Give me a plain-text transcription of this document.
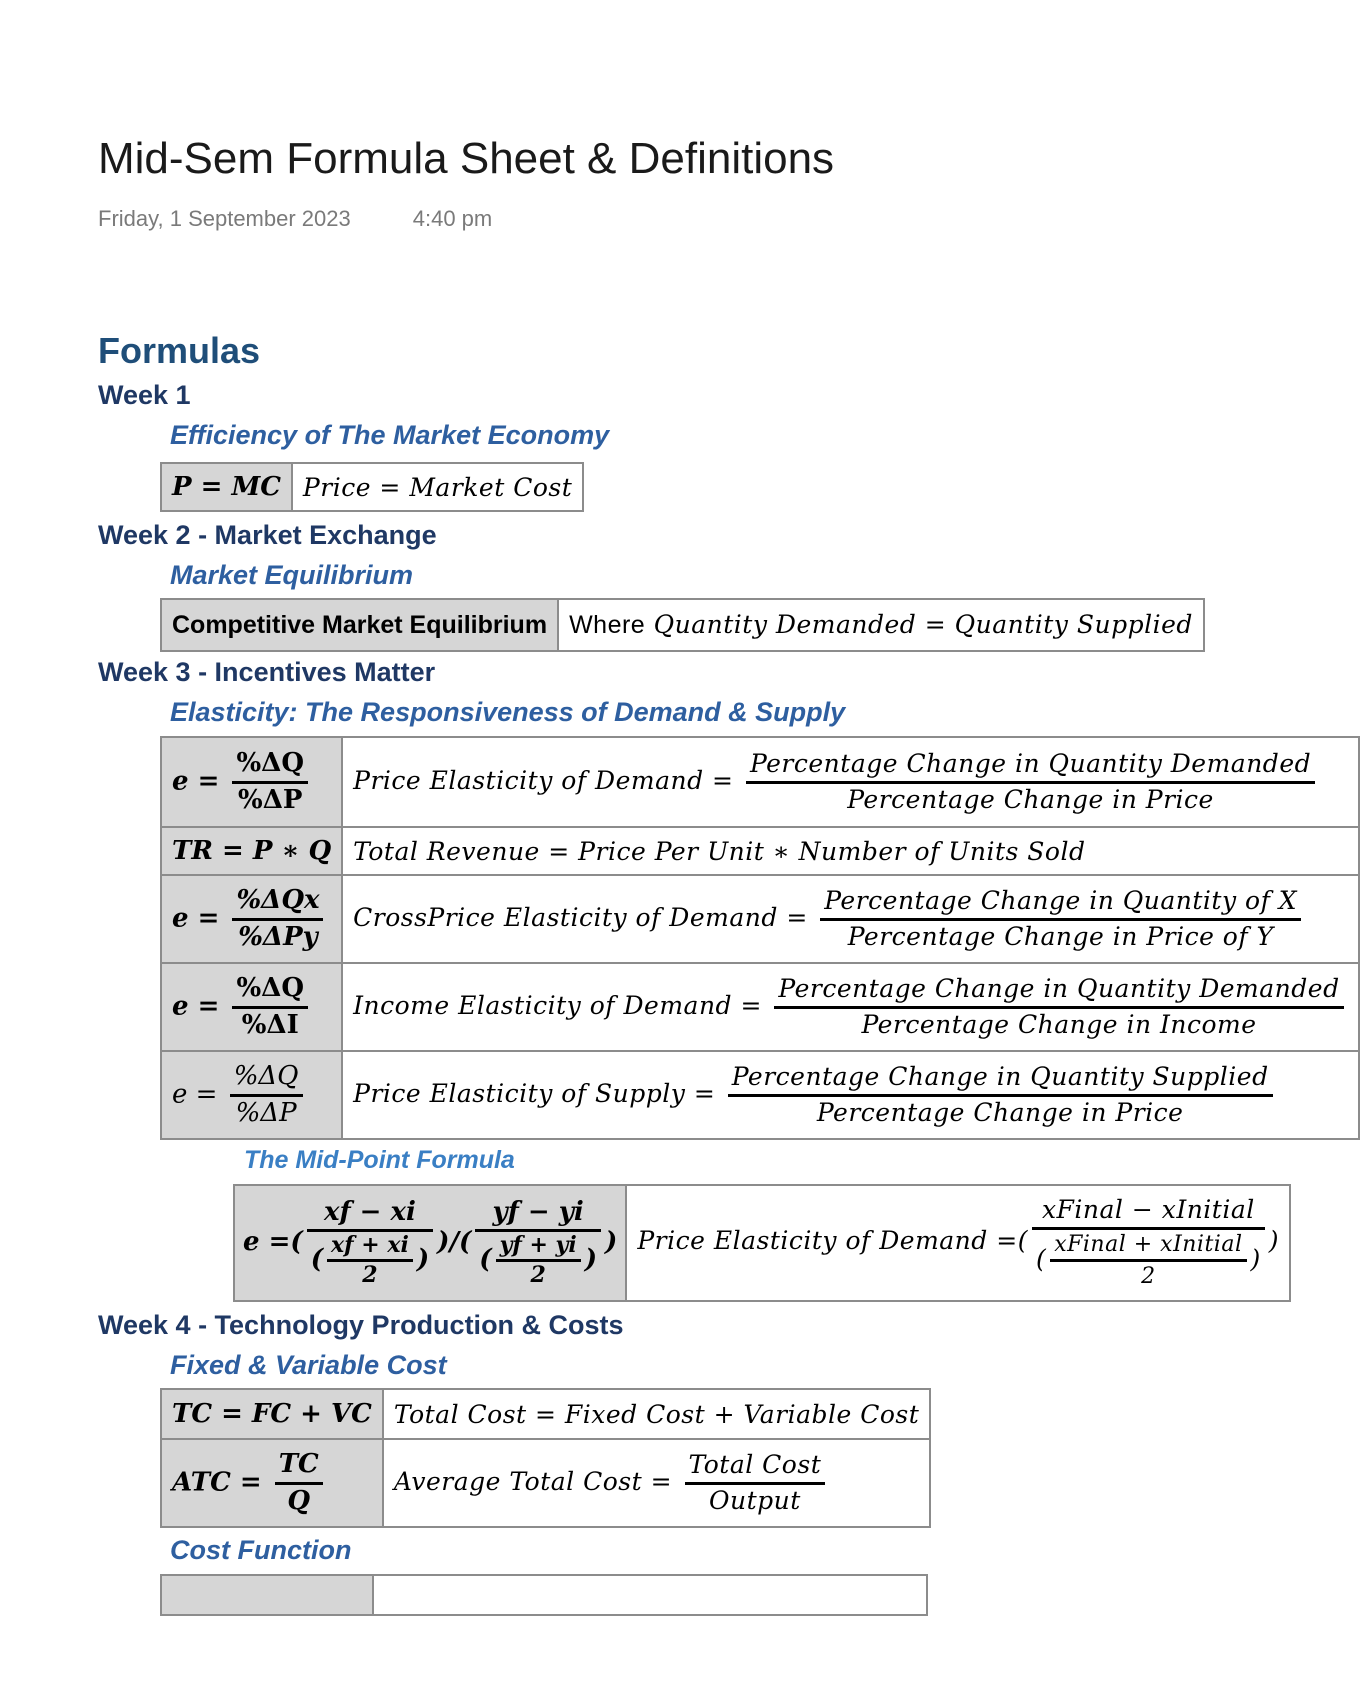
Mid-Sem Formula Sheet & Definitions
Friday, 1 September 2023	4:40 pm
Formulas
Week 1
Efficiency of The Market Economy
P = MC	Price = Market Cost
Week 2 - Market Exchange
Market Equilibrium
Competitive Market Equilibrium	Where Quantity Demanded = Quantity Supplied
Week 3 - Incentives Matter
Elasticity: The Responsiveness of Demand & Supply
$e = \frac{\%\Delta Q}{\%\Delta P}$	Price Elasticity of Demand = $\frac{\text{Percentage Change in Quantity Demanded}}{\text{Percentage Change in Price}}$

TR = P ∗ Q	Total Revenue = Price Per Unit ∗ Number of Units Sold
$e = \frac{\text{\%ΔQx}}{\text{\%ΔPy}}$	CrossPrice Elasticity of Demand = $\frac{\text{Percentage Change in Quantity of X}}{\text{Percentage Change in Price of Y}}$

$e = \frac{\%\Delta Q}{\%\Delta I}$	Income Elasticity of Demand = $\frac{\text{Percentage Change in Quantity Demanded}}{\text{Percentage Change in Income}}$

$e = \frac{\%\Delta Q}{\%\Delta P}$	Price Elasticity of Supply = $\frac{\text{Percentage Change in Quantity Supplied}}{\text{Percentage Change in Price}}$
The Mid-Point Formula
e =( $\frac{xf - xi}{( \frac{xf + xi}{2} )}$ )/( $\frac{yf - yi}{( \frac{yf + yi}{2} )}$ )	Price Elasticity of Demand =( $\frac{\text{xFinal − xInitial}}{( \frac{\text{xFinal + xInitial}}{2} )}$ )
Week 4 - Technology Production & Costs
Fixed & Variable Cost
TC = FC + VC	Total Cost = Fixed Cost + Variable Cost
ATC = $\frac{TC}{Q}$	Average Total Cost = $\frac{\text{Total Cost}}{\text{Output}}$
Cost Function
